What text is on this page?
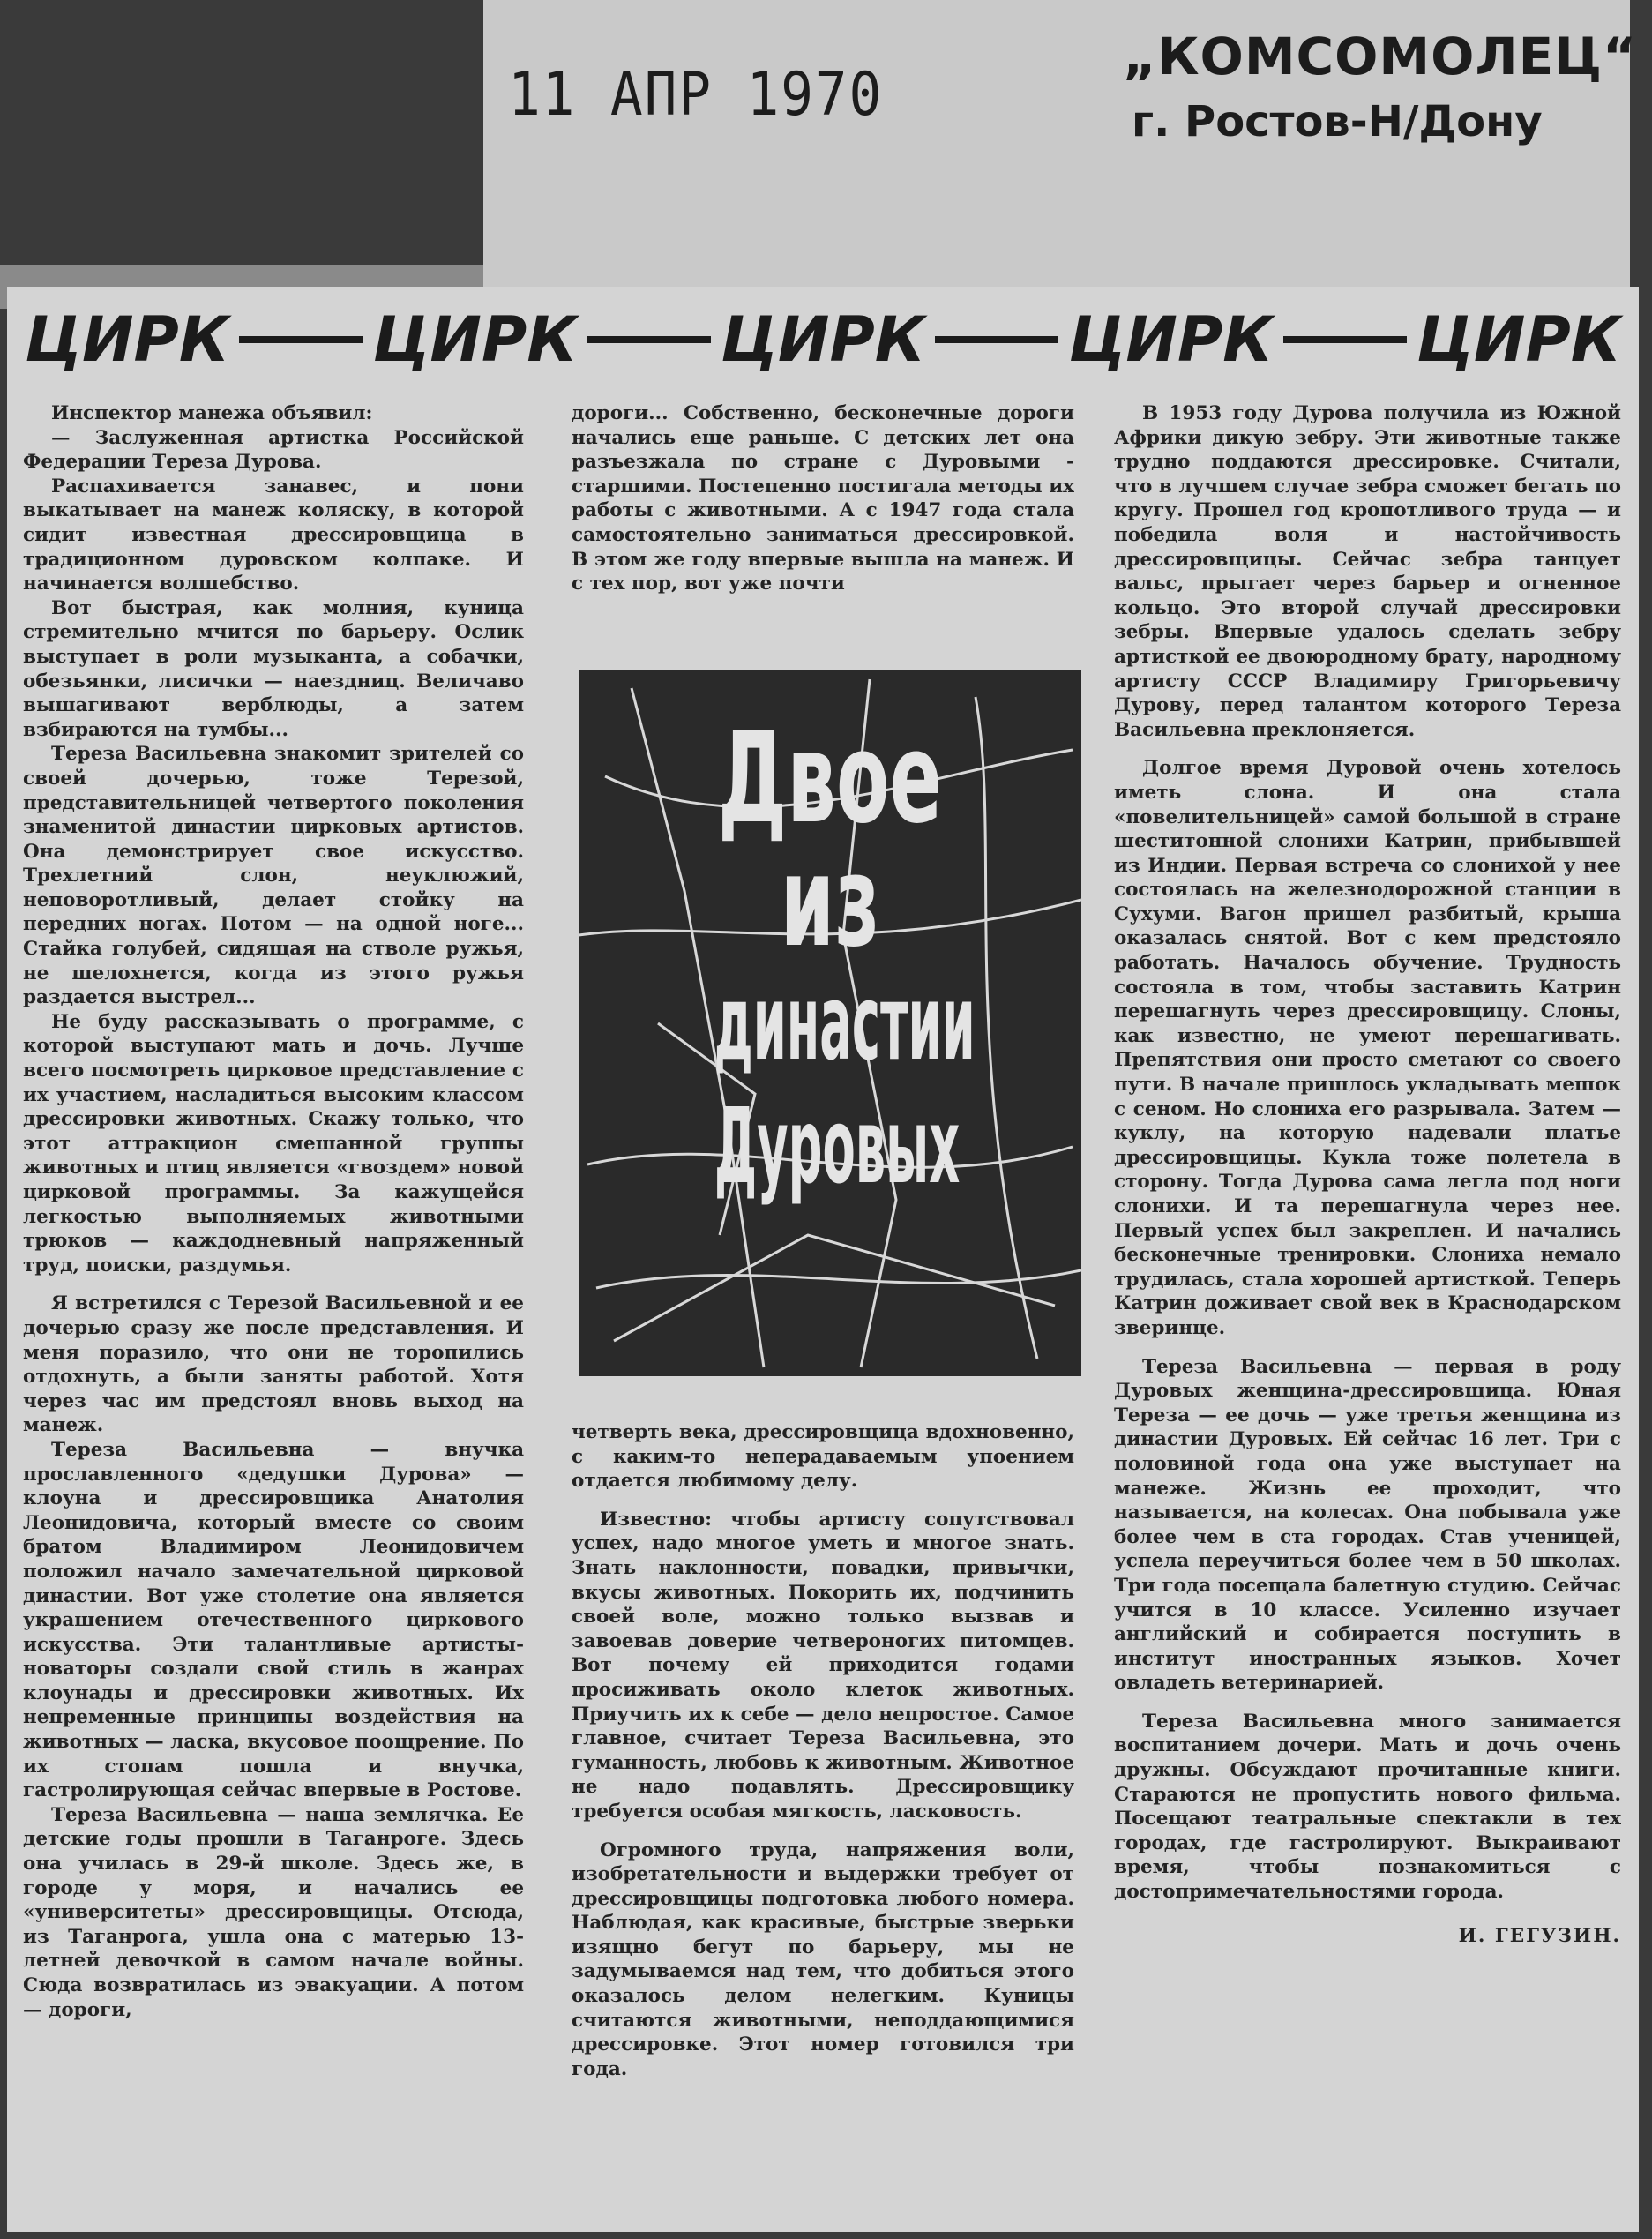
11 АПР 1970
„КОМСОМОЛЕЦ“
г. Ростов-Н/Дону
ЦИРК ЦИРК ЦИРК ЦИРК ЦИРК

Инспектор манежа объявил:

— Заслуженная артистка Российской Федерации Тереза Дурова.

Распахивается занавес, и пони выкатывает на манеж коляску, в которой сидит известная дрессировщица в традиционном дуровском колпаке. И начинается волшебство.

Вот быстрая, как молния, куница стремительно мчится по барьеру. Ослик выступает в роли музыканта, а собачки, обезьянки, лисички — наездниц. Величаво вышагивают верблюды, а затем взбираются на тумбы...

Тереза Васильевна знакомит зрителей со своей дочерью, тоже Терезой, представительницей четвертого поколения знаменитой династии цирковых артистов. Она демонстрирует свое искусство. Трехлетний слон, неуклюжий, неповоротливый, делает стойку на передних ногах. Потом — на одной ноге... Стайка голубей, сидящая на стволе ружья, не шелохнется, когда из этого ружья раздается выстрел...

Не буду рассказывать о программе, с которой выступают мать и дочь. Лучше всего посмотреть цирковое представление с их участием, насладиться высоким классом дрессировки животных. Скажу только, что этот аттракцион смешанной группы животных и птиц является «гвоздем» новой цирковой программы. За кажущейся легкостью выполняемых животными трюков — каждодневный напряженный труд, поиски, раздумья.

Я встретился с Терезой Васильевной и ее дочерью сразу же после представления. И меня поразило, что они не торопились отдохнуть, а были заняты работой. Хотя через час им предстоял вновь выход на манеж.

Тереза Васильевна — внучка прославленного «дедушки Дурова» — клоуна и дрессировщика Анатолия Леонидовича, который вместе со своим братом Владимиром Леонидовичем положил начало замечательной цирковой династии. Вот уже столетие она является украшением отечественного циркового искусства. Эти талантливые артисты-новаторы создали свой стиль в жанрах клоунады и дрессировки животных. Их непременные принципы воздействия на животных — ласка, вкусовое поощрение. По их стопам пошла и внучка, гастролирующая сейчас впервые в Ростове.

Тереза Васильевна — наша землячка. Ее детские годы прошли в Таганроге. Здесь она училась в 29-й школе. Здесь же, в городе у моря, и начались ее «университеты» дрессировщицы. Отсюда, из Таганрога, ушла она с матерью 13-летней девочкой в самом начале войны. Сюда возвратилась из эвакуации. А потом — дороги,

дороги... Собственно, бесконечные дороги начались еще раньше. С детских лет она разъезжала по стране с Дуровыми - старшими. Постепенно постигала методы их работы с животными. А с 1947 года стала самостоятельно заниматься дрессировкой. В этом же году впервые вышла на манеж. И с тех пор, вот уже почти

Двое
из
династии
Дуровых

четверть века, дрессировщица вдохновенно, с каким-то неперадаваемым упоением отдается любимому делу.

Известно: чтобы артисту сопутствовал успех, надо многое уметь и многое знать. Знать наклонности, повадки, привычки, вкусы животных. Покорить их, подчинить своей воле, можно только вызвав и завоевав доверие четвероногих питомцев. Вот почему ей приходится годами просиживать около клеток животных. Приучить их к себе — дело непростое. Самое главное, считает Тереза Васильевна, это гуманность, любовь к животным. Животное не надо подавлять. Дрессировщику требуется особая мягкость, ласковость.

Огромного труда, напряжения воли, изобретательности и выдержки требует от дрессировщицы подготовка любого номера. Наблюдая, как красивые, быстрые зверьки изящно бегут по барьеру, мы не задумываемся над тем, что добиться этого оказалось делом нелегким. Куницы считаются животными, неподдающимися дрессировке. Этот номер готовился три года.

В 1953 году Дурова получила из Южной Африки дикую зебру. Эти животные также трудно поддаются дрессировке. Считали, что в лучшем случае зебра сможет бегать по кругу. Прошел год кропотливого труда — и победила воля и настойчивость дрессировщицы. Сейчас зебра танцует вальс, прыгает через барьер и огненное кольцо. Это второй случай дрессировки зебры. Впервые удалось сделать зебру артисткой ее двоюродному брату, народному артисту СССР Владимиру Григорьевичу Дурову, перед талантом которого Тереза Васильевна преклоняется.

Долгое время Дуровой очень хотелось иметь слона. И она стала «повелительницей» самой большой в стране шеститонной слонихи Катрин, прибывшей из Индии. Первая встреча со слонихой у нее состоялась на железнодорожной станции в Сухуми. Вагон пришел разбитый, крыша оказалась снятой. Вот с кем предстояло работать. Началось обучение. Трудность состояла в том, чтобы заставить Катрин перешагнуть через дрессировщицу. Слоны, как известно, не умеют перешагивать. Препятствия они просто сметают со своего пути. В начале пришлось укладывать мешок с сеном. Но слониха его разрывала. Затем — куклу, на которую надевали платье дрессировщицы. Кукла тоже полетела в сторону. Тогда Дурова сама легла под ноги слонихи. И та перешагнула через нее. Первый успех был закреплен. И начались бесконечные тренировки. Слониха немало трудилась, стала хорошей артисткой. Теперь Катрин доживает свой век в Краснодарском зверинце.

Тереза Васильевна — первая в роду Дуровых женщина-дрессировщица. Юная Тереза — ее дочь — уже третья женщина из династии Дуровых. Ей сейчас 16 лет. Три с половиной года она уже выступает на манеже. Жизнь ее проходит, что называется, на колесах. Она побывала уже более чем в ста городах. Став ученицей, успела переучиться более чем в 50 школах. Три года посещала балетную студию. Сейчас учится в 10 классе. Усиленно изучает английский и собирается поступить в институт иностранных языков. Хочет овладеть ветеринарией.

Тереза Васильевна много занимается воспитанием дочери. Мать и дочь очень дружны. Обсуждают прочитанные книги. Стараются не пропустить нового фильма. Посещают театральные спектакли в тех городах, где гастролируют. Выкраивают время, чтобы познакомиться с достопримечательностями города.

И. ГЕГУЗИН.
